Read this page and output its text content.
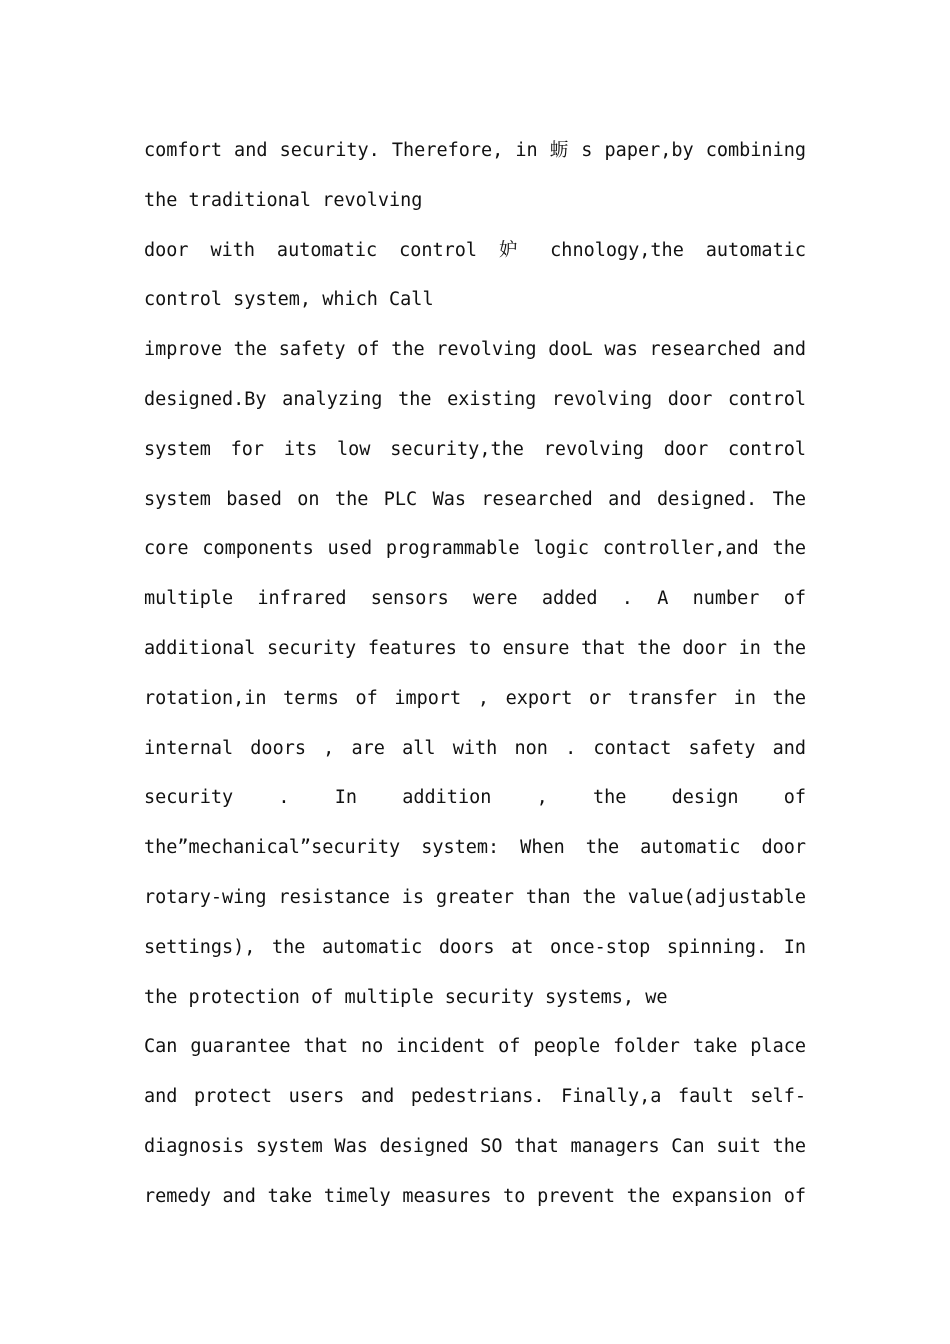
comfort and security. Therefore, in 蛎 s paper,by combining
the traditional revolving
door with automatic control 妒 chnology,the automatic
control system, which Call
improve the safety of the revolving dooL was researched and
designed.By analyzing the existing revolving door control
system for its low security,the revolving door control
system based on the PLC Was researched and designed. The
core components used programmable logic controller,and the
multiple infrared sensors were added . A number of
additional security features to ensure that the door in the
rotation,in terms of import , export or transfer in the
internal doors , are all with non . contact safety and
security . In addition , the design of
the”mechanical”security system: When the automatic door
rotary-wing resistance is greater than the value(adjustable
settings), the automatic doors at once-stop spinning. In
the protection of multiple security systems, we
Can guarantee that no incident of people folder take place
and protect users and pedestrians. Finally,a fault self-
diagnosis system Was designed SO that managers Can suit the
remedy and take timely measures to prevent the expansion of
